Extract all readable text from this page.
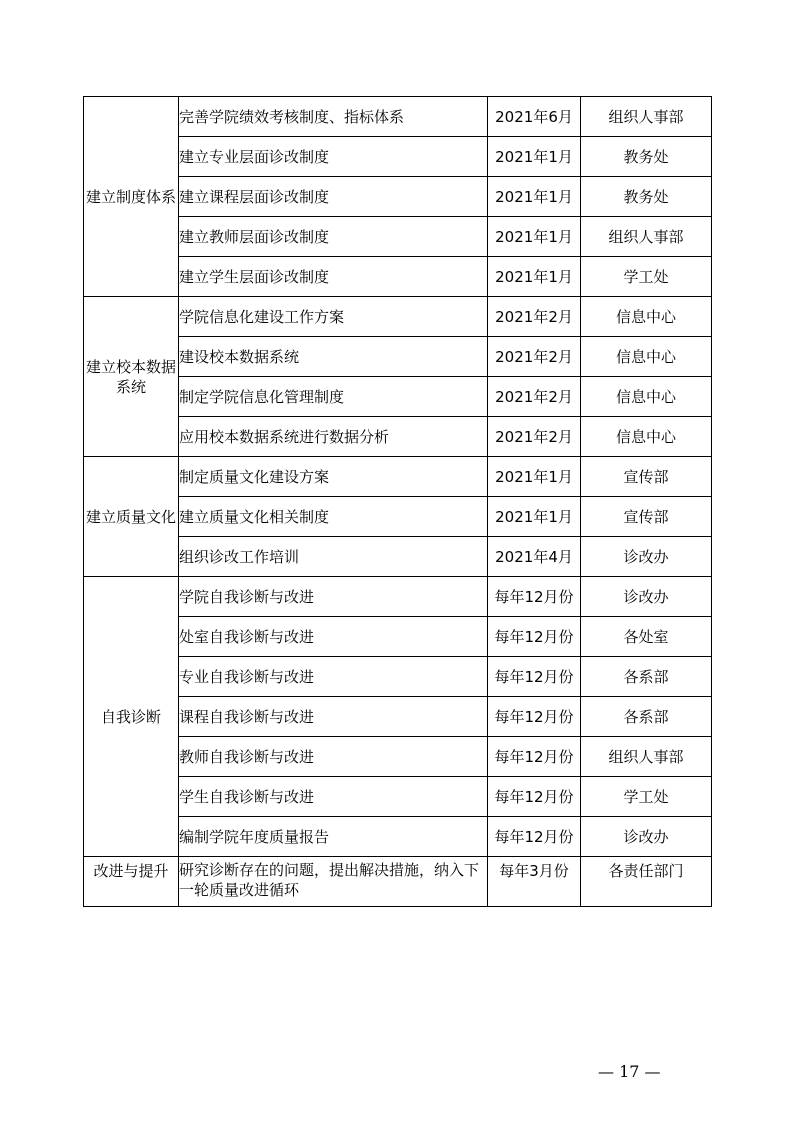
建立制度体系	完善学院绩效考核制度、指标体系	2021年6月	组织人事部
	建立专业层面诊改制度	2021年1月	教务处
	建立课程层面诊改制度	2021年1月	教务处
	建立教师层面诊改制度	2021年1月	组织人事部
	建立学生层面诊改制度	2021年1月	学工处
建立校本数据系统	学院信息化建设工作方案	2021年2月	信息中心
	建设校本数据系统	2021年2月	信息中心
	制定学院信息化管理制度	2021年2月	信息中心
	应用校本数据系统进行数据分析	2021年2月	信息中心
建立质量文化	制定质量文化建设方案	2021年1月	宣传部
	建立质量文化相关制度	2021年1月	宣传部
	组织诊改工作培训	2021年4月	诊改办
自我诊断	学院自我诊断与改进	每年12月份	诊改办
	处室自我诊断与改进	每年12月份	各处室
	专业自我诊断与改进	每年12月份	各系部
	课程自我诊断与改进	每年12月份	各系部
	教师自我诊断与改进	每年12月份	组织人事部
	学生自我诊断与改进	每年12月份	学工处
	编制学院年度质量报告	每年12月份	诊改办
改进与提升	研究诊断存在的问题，提出解决措施，纳入下一轮质量改进循环	每年3月份	各责任部门
— 17 —
